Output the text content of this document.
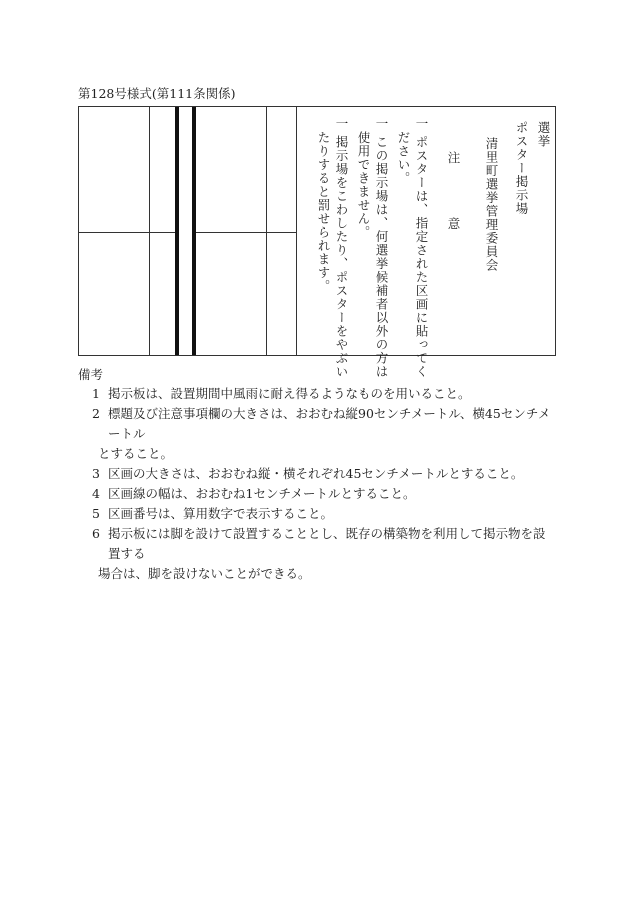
第128号様式(第111条関係)
選挙
ポスター掲示場
清里町選挙管理委員会
注
意
一 ポスターは、指定された区画に貼ってく
ださい。
一 この掲示場は、何選挙候補者以外の方は
使用できません。
一 掲示場をこわしたり、ポスターをやぶい
たりすると罰せられます。
備考
1 掲示板は、設置期間中風雨に耐え得るようなものを用いること。
2 標題及び注意事項欄の大きさは、おおむね縦90センチメートル、横45センチメートル
とすること。
3 区画の大きさは、おおむね縦・横それぞれ45センチメートルとすること。
4 区画線の幅は、おおむね1センチメートルとすること。
5 区画番号は、算用数字で表示すること。
6 掲示板には脚を設けて設置することとし、既存の構築物を利用して掲示物を設置する
場合は、脚を設けないことができる。
